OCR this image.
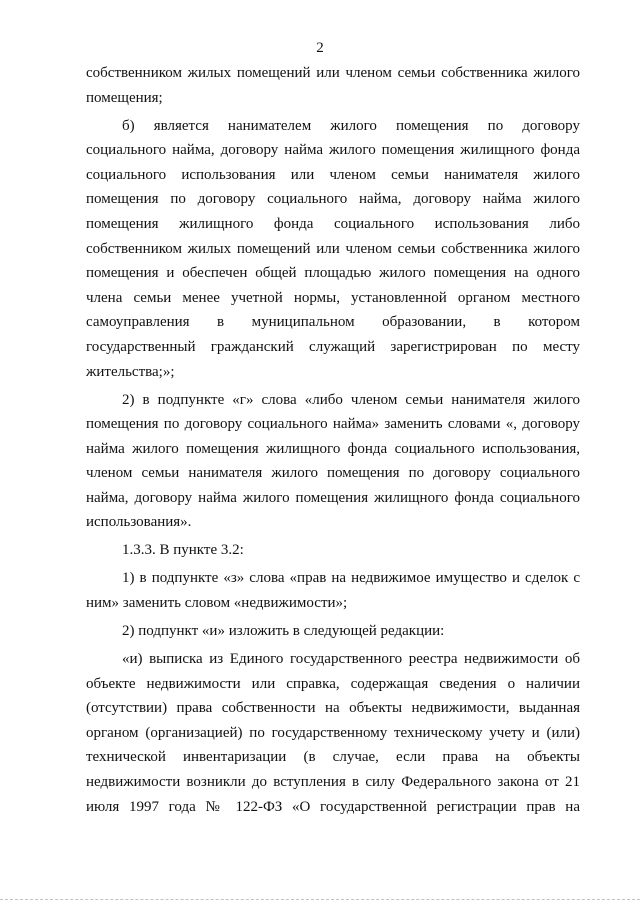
2
собственником жилых помещений или членом семьи собственника жилого
помещения;
б) является нанимателем жилого помещения по договору
социального найма, договору найма жилого помещения жилищного фонда
социального использования или членом семьи нанимателя жилого
помещения по договору социального найма, договору найма жилого
помещения жилищного фонда социального использования либо
собственником жилых помещений или членом семьи собственника жилого
помещения и обеспечен общей площадью жилого помещения на одного
члена семьи менее учетной нормы, установленной органом местного
самоуправления в муниципальном образовании, в котором
государственный гражданский служащий зарегистрирован по месту
жительства;»;
2) в подпункте «г» слова «либо членом семьи нанимателя жилого
помещения по договору социального найма» заменить словами «, договору
найма жилого помещения жилищного фонда социального использования,
членом семьи нанимателя жилого помещения по договору социального
найма, договору найма жилого помещения жилищного фонда социального
использования».
1.3.3. В пункте 3.2:
1) в подпункте «з» слова «прав на недвижимое имущество и сделок с
ним» заменить словом «недвижимости»;
2) подпункт «и» изложить в следующей редакции:
«и) выписка из Единого государственного реестра недвижимости об
объекте недвижимости или справка, содержащая сведения о наличии
(отсутствии) права собственности на объекты недвижимости, выданная
органом (организацией) по государственному техническому учету и (или)
технической инвентаризации (в случае, если права на объекты
недвижимости возникли до вступления в силу Федерального закона от 21
июля 1997 года № 122-ФЗ «О государственной регистрации прав на
